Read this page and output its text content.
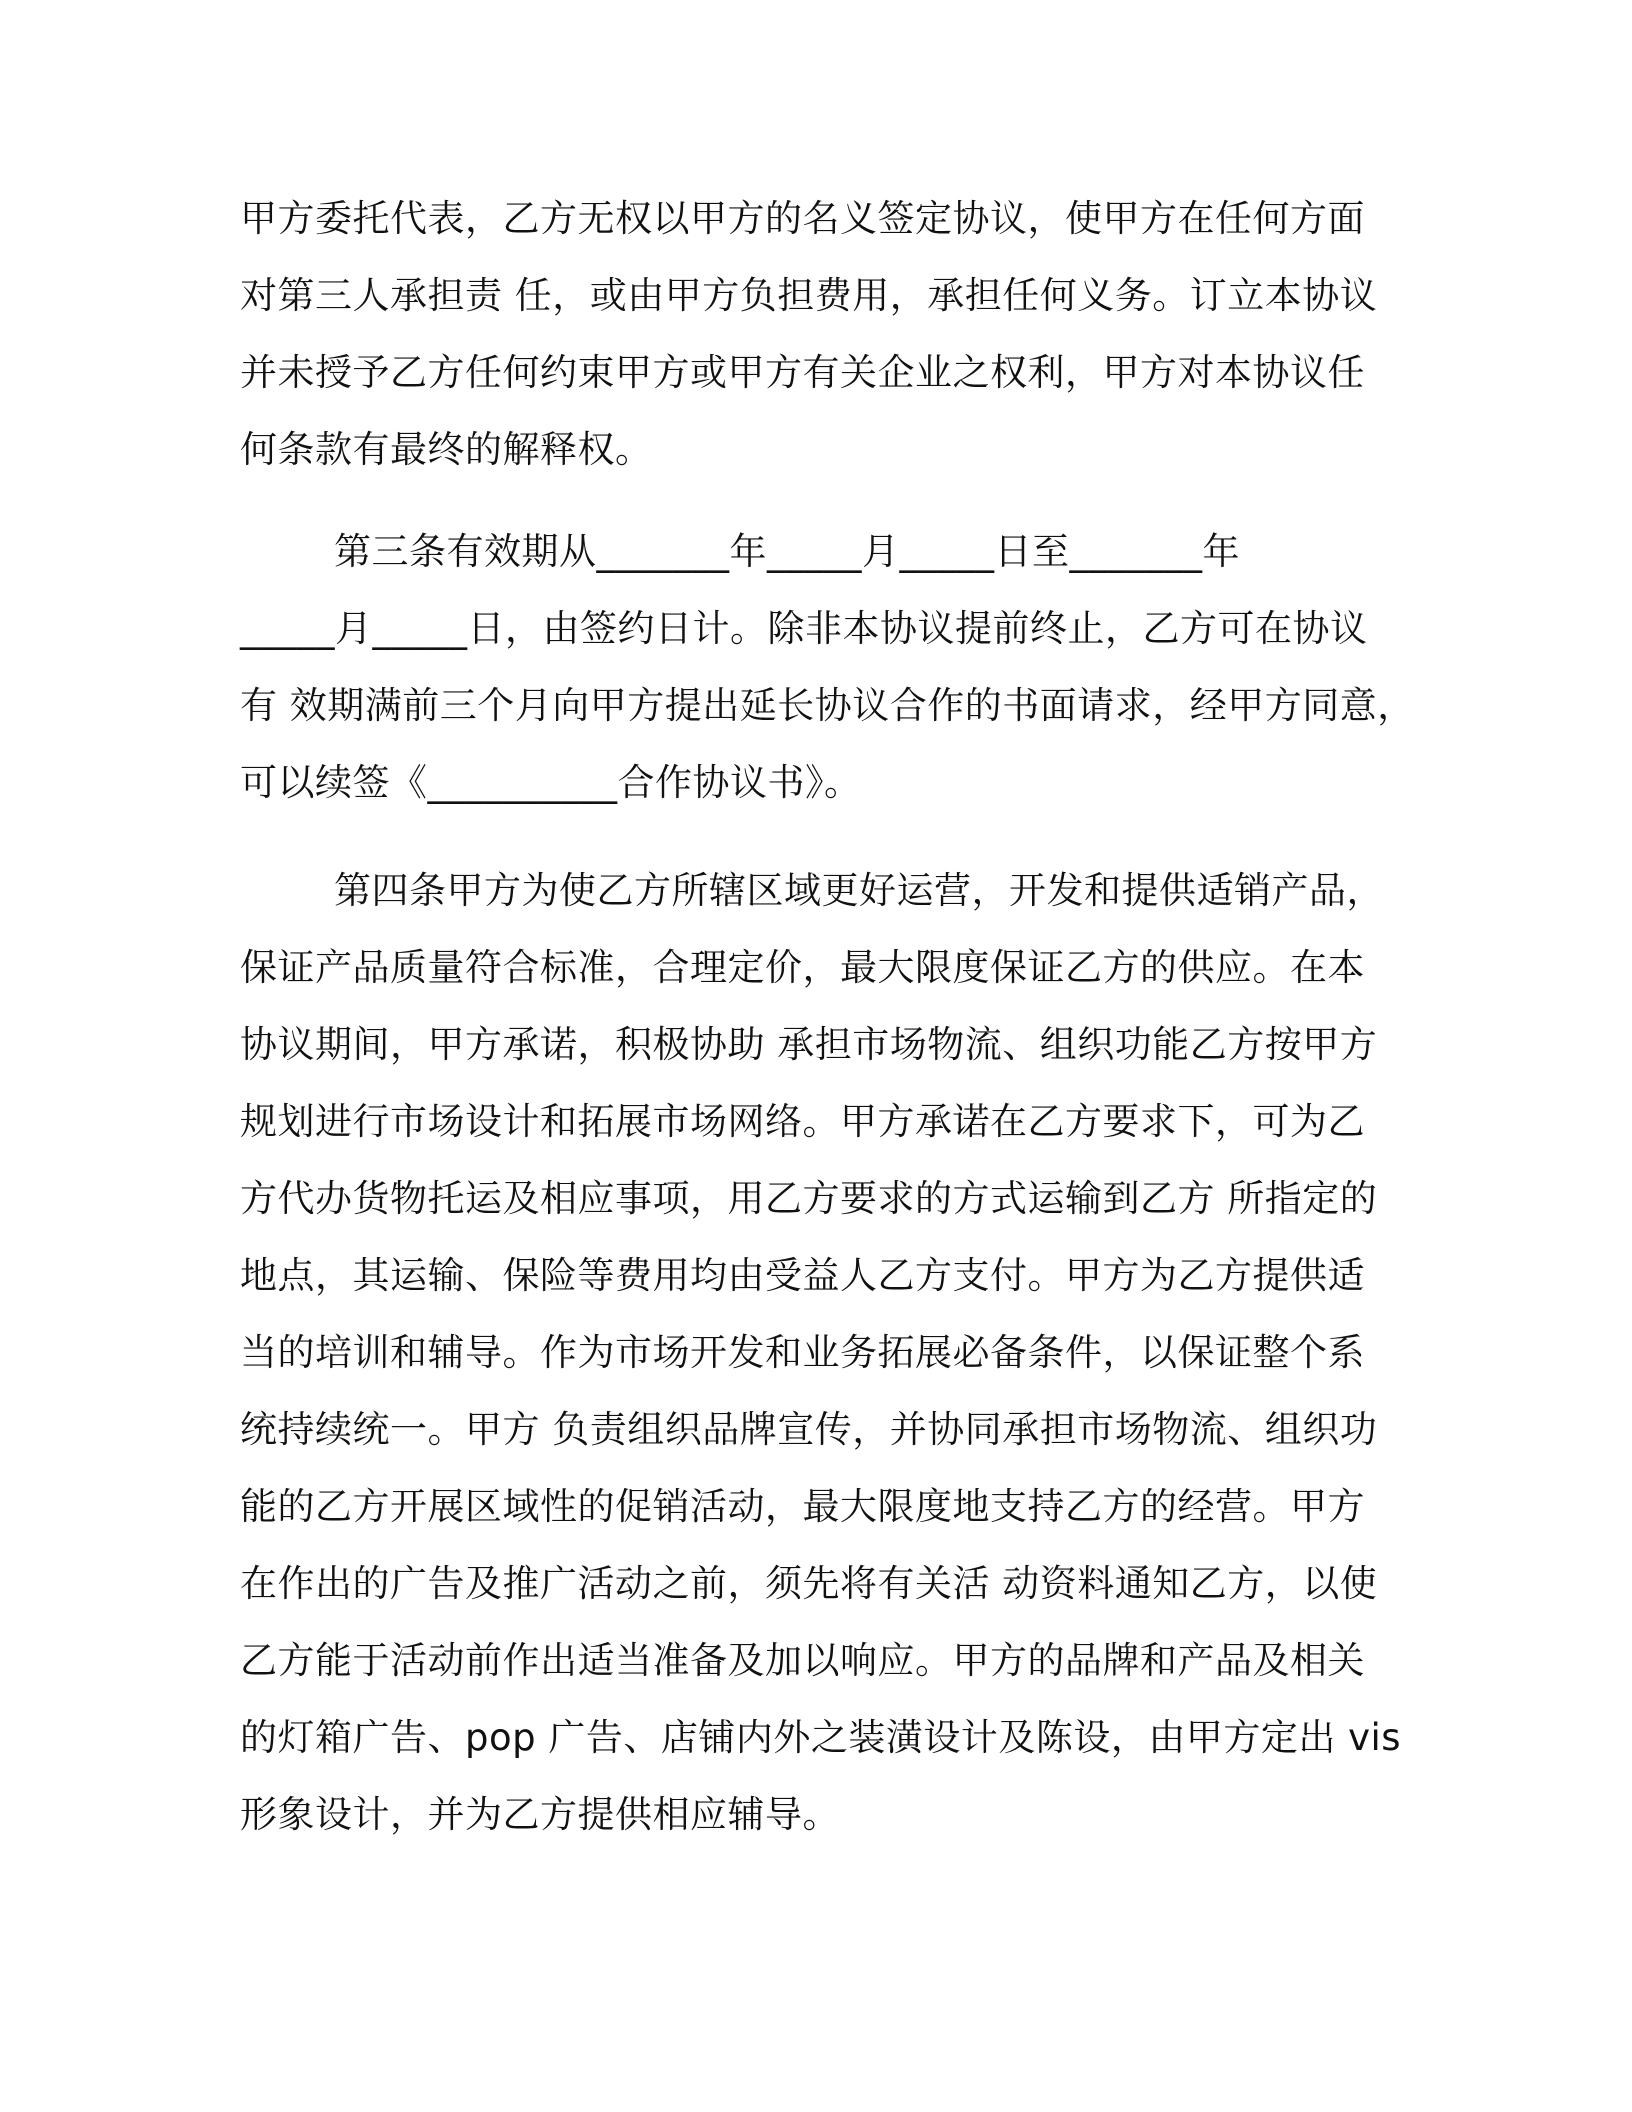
甲方委托代表，乙方无权以甲方的名义签定协议，使甲方在任何方面
对第三人承担责 任，或由甲方负担费用，承担任何义务。订立本协议
并未授予乙方任何约束甲方或甲方有关企业之权利，甲方对本协议任
何条款有最终的解释权。
第三条有效期从_______年_____月_____日至_______年
_____月_____日，由签约日计。除非本协议提前终止，乙方可在协议
有 效期满前三个月向甲方提出延长协议合作的书面请求，经甲方同意，
可以续签《__________合作协议书》。
第四条甲方为使乙方所辖区域更好运营，开发和提供适销产品，
保证产品质量符合标准，合理定价，最大限度保证乙方的供应。在本
协议期间，甲方承诺，积极协助 承担市场物流、组织功能乙方按甲方
规划进行市场设计和拓展市场网络。甲方承诺在乙方要求下，可为乙
方代办货物托运及相应事项，用乙方要求的方式运输到乙方 所指定的
地点，其运输、保险等费用均由受益人乙方支付。甲方为乙方提供适
当的培训和辅导。作为市场开发和业务拓展必备条件，以保证整个系
统持续统一。甲方 负责组织品牌宣传，并协同承担市场物流、组织功
能的乙方开展区域性的促销活动，最大限度地支持乙方的经营。甲方
在作出的广告及推广活动之前，须先将有关活 动资料通知乙方，以使
乙方能于活动前作出适当准备及加以响应。甲方的品牌和产品及相关
的灯箱广告、pop 广告、店铺内外之装潢设计及陈设，由甲方定出 vis
形象设计，并为乙方提供相应辅导。
